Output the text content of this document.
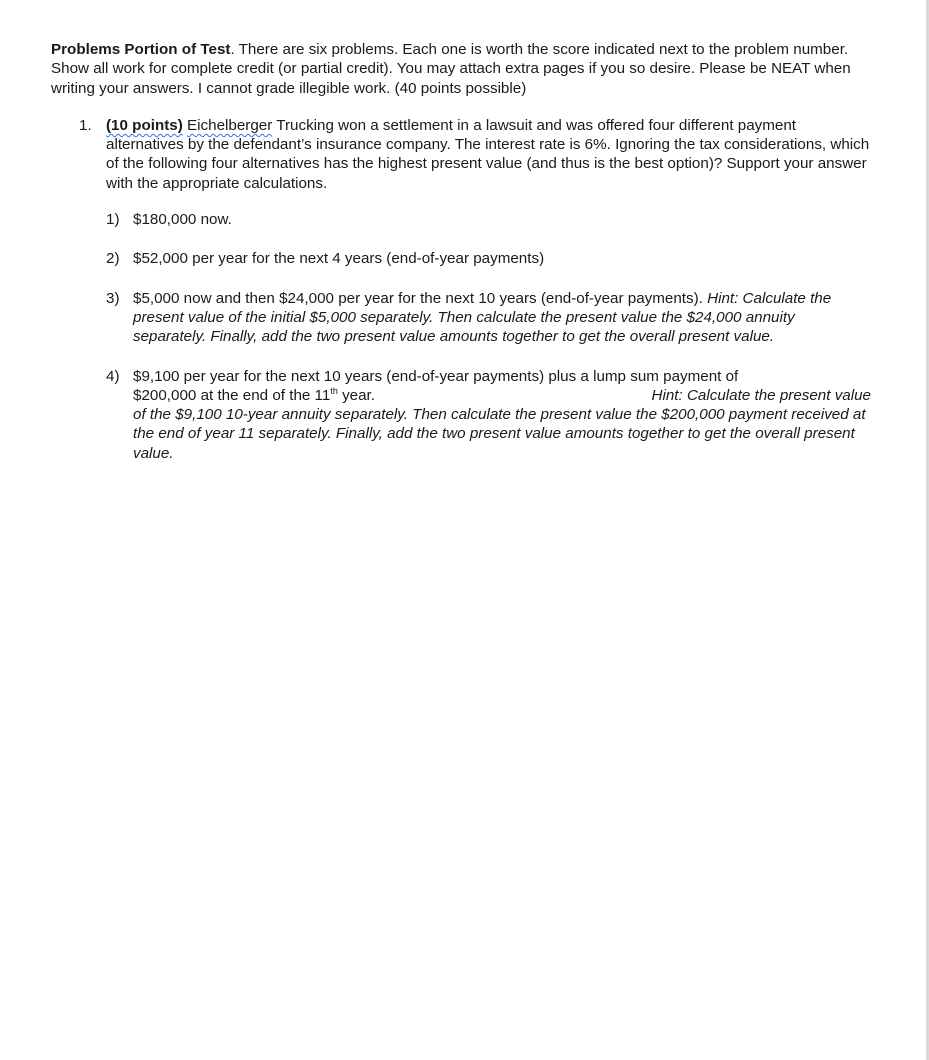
Problems Portion of Test. There are six problems. Each one is worth the score indicated next to the problem number. Show all work for complete credit (or partial credit). You may attach extra pages if you so desire. Please be NEAT when writing your answers. I cannot grade illegible work. (40 points possible)

1. (10 points) Eichelberger Trucking won a settlement in a lawsuit and was offered four different payment alternatives by the defendant’s insurance company. The interest rate is 6%. Ignoring the tax considerations, which of the following four alternatives has the highest present value (and thus is the best option)? Support your answer with the appropriate calculations.

1) $180,000 now.
2) $52,000 per year for the next 4 years (end-of-year payments)
3) $5,000 now and then $24,000 per year for the next 10 years (end-of-year payments). Hint: Calculate the present value of the initial $5,000 separately. Then calculate the present value the $24,000 annuity separately. Finally, add the two present value amounts together to get the overall present value.
4) $9,100 per year for the next 10 years (end-of-year payments) plus a lump sum payment of
$200,000 at the end of the 11th year.	Hint: Calculate the present value
of the $9,100 10-year annuity separately. Then calculate the present value the $200,000 payment received at the end of year 11 separately. Finally, add the two present value amounts together to get the overall present value.
